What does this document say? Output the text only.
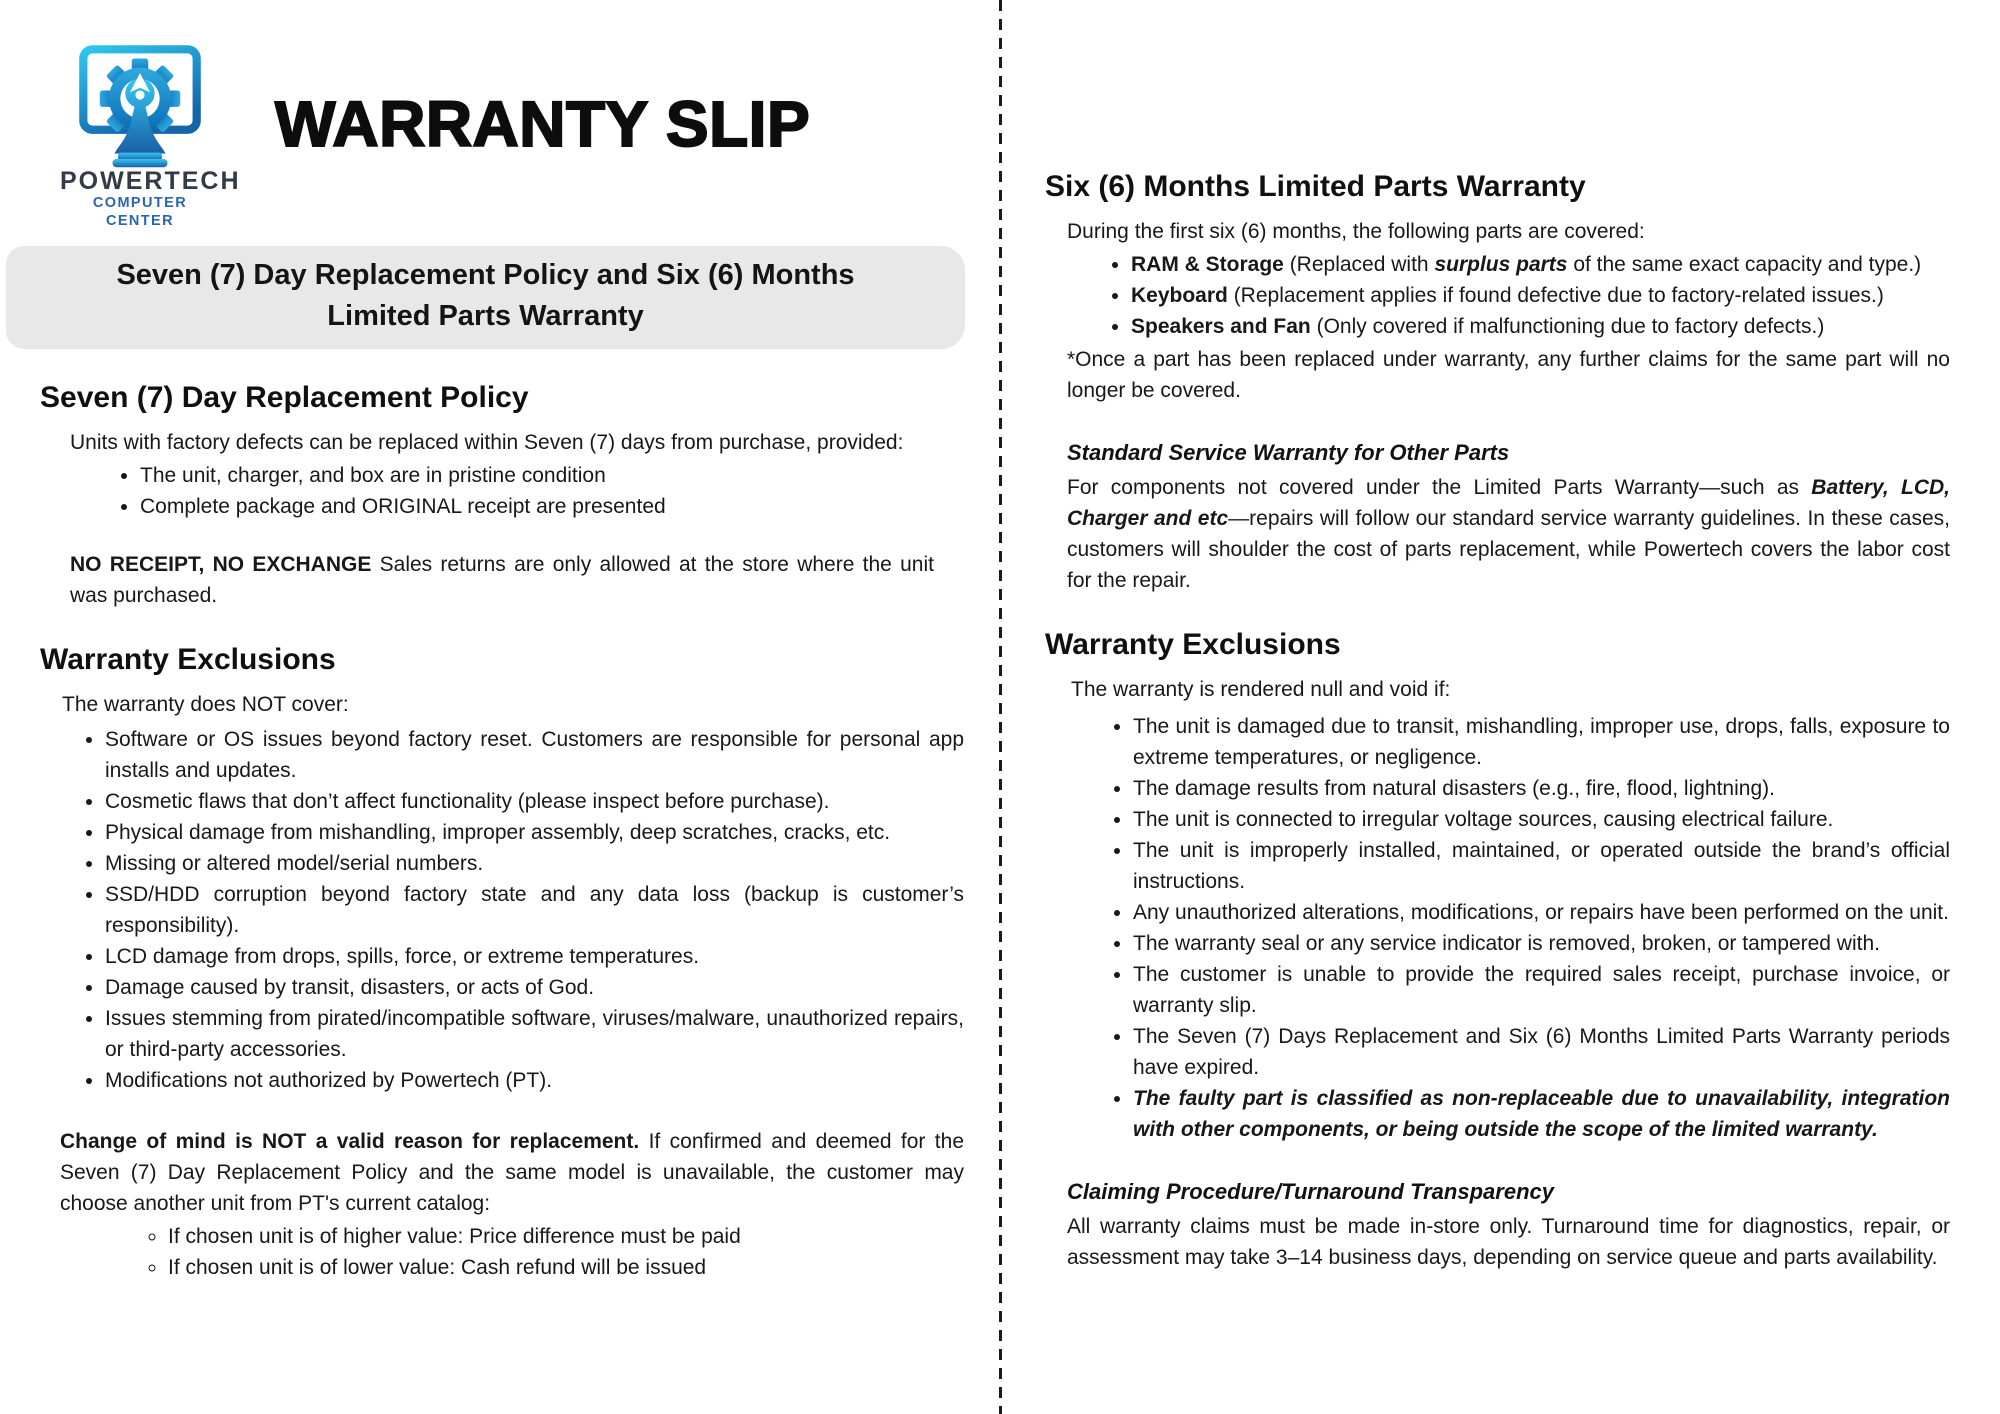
POWERTECH
COMPUTER CENTER
WARRANTY SLIP
Seven (7) Day Replacement Policy and Six (6) Months
Limited Parts Warranty
Seven (7) Day Replacement Policy

Units with factory defects can be replaced within Seven (7) days from purchase, provided:

• The unit, charger, and box are in pristine condition
• Complete package and ORIGINAL receipt are presented

NO RECEIPT, NO EXCHANGE Sales returns are only allowed at the store where the unit was purchased.

Warranty Exclusions

The warranty does NOT cover:

• Software or OS issues beyond factory reset. Customers are responsible for personal app installs and updates.
• Cosmetic flaws that don’t affect functionality (please inspect before purchase).
• Physical damage from mishandling, improper assembly, deep scratches, cracks, etc.
• Missing or altered model/serial numbers.
• SSD/HDD corruption beyond factory state and any data loss (backup is customer’s responsibility).
• LCD damage from drops, spills, force, or extreme temperatures.
• Damage caused by transit, disasters, or acts of God.
• Issues stemming from pirated/incompatible software, viruses/malware, unauthorized repairs, or third-party accessories.
• Modifications not authorized by Powertech (PT).

Change of mind is NOT a valid reason for replacement. If confirmed and deemed for the Seven (7) Day Replacement Policy and the same model is unavailable, the customer may choose another unit from PT's current catalog:

◦ If chosen unit is of higher value: Price difference must be paid
◦ If chosen unit is of lower value: Cash refund will be issued
Six (6) Months Limited Parts Warranty

During the first six (6) months, the following parts are covered:

• RAM & Storage (Replaced with surplus parts of the same exact capacity and type.)
• Keyboard (Replacement applies if found defective due to factory-related issues.)
• Speakers and Fan (Only covered if malfunctioning due to factory defects.)

*Once a part has been replaced under warranty, any further claims for the same part will no longer be covered.

Standard Service Warranty for Other Parts

For components not covered under the Limited Parts Warranty—such as Battery, LCD, Charger and etc—repairs will follow our standard service warranty guidelines. In these cases, customers will shoulder the cost of parts replacement, while Powertech covers the labor cost for the repair.

Warranty Exclusions

The warranty is rendered null and void if:

• The unit is damaged due to transit, mishandling, improper use, drops, falls, exposure to extreme temperatures, or negligence.
• The damage results from natural disasters (e.g., fire, flood, lightning).
• The unit is connected to irregular voltage sources, causing electrical failure.
• The unit is improperly installed, maintained, or operated outside the brand’s official instructions.
• Any unauthorized alterations, modifications, or repairs have been performed on the unit.
• The warranty seal or any service indicator is removed, broken, or tampered with.
• The customer is unable to provide the required sales receipt, purchase invoice, or warranty slip.
• The Seven (7) Days Replacement and Six (6) Months Limited Parts Warranty periods have expired.
• The faulty part is classified as non-replaceable due to unavailability, integration with other components, or being outside the scope of the limited warranty.
Claiming Procedure/Turnaround Transparency

All warranty claims must be made in-store only. Turnaround time for diagnostics, repair, or assessment may take 3–14 business days, depending on service queue and parts availability.
